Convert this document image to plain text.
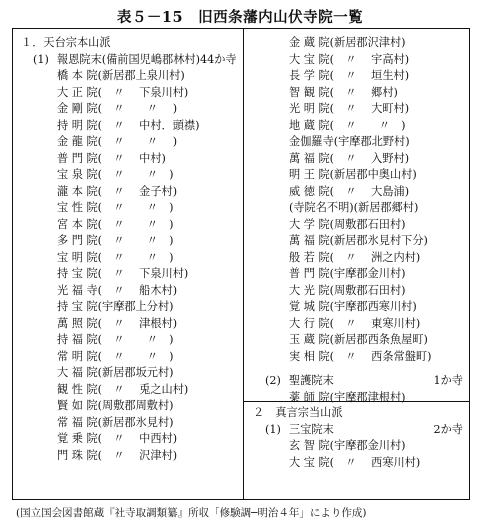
表５－15　旧西条藩内山伏寺院一覧
１．天台宗本山派
(1) 報恩院末(備前国児嶋郡林村)44か寺
橋 本 院(新居郡上泉川村)
大 正 院(　〃　 下泉川村)
金 剛 院(　〃　　〃　 )
持 明 院(　〃　 中村．頭襟)
金 龍 院(　〃　　〃　 )
普 門 院(　〃　 中村)
宝 泉 院(　〃　　〃　)
瀧 本 院(　〃　 金子村)
宝 性 院(　〃　　〃　)
宮 本 院(　〃　　〃　)
多 門 院(　〃　　〃　)
宝 明 院(　〃　　〃　)
持 宝 院(　〃　 下泉川村)
光 福 寺(　〃　 船木村)
持 宝 院(宇摩郡上分村)
萬 照 院(　〃　 津根村)
持 福 院(　〃　　〃　)
常 明 院(　〃　　〃　)
大 福 院(新居郡坂元村)
観 性 院(　〃　 兎之山村)
賢 如 院(周敷郡周敷村)
常 福 院(新居郡氷見村)
覚 乗 院(　〃　 中西村)
門 珠 院(　〃　 沢津村)
金 蔵 院(新居郡沢津村)
大 宝 院(　〃　 宇高村)
長 学 院(　〃　 垣生村)
智 観 院(　〃　 郷村)
光 明 院(　〃　 大町村)
地 蔵 院(　〃　　〃　)
金伽羅寺(宇摩郡北野村)
萬 福 院(　〃　 入野村)
明 王 院(新居郡中奥山村)
威 徳 院(　〃　 大島浦)
(寺院名不明)(新居郡郷村)
大 学 院(周敷郡石田村)
萬 福 院(新居郡氷見村下分)
般 若 院(　〃　 洲之内村)
普 門 院(宇摩郡金川村)
大 光 院(周敷郡石田村)
覚 城 院(宇摩郡西寒川村)
大 行 院(　〃　 東寒川村)
玉 蔵 院(新居郡西条魚屋町)
実 相 院(　〃　 西条常盤町)
(2) 聖護院末	1か寺
薬 師 院(宇摩郡津根村)
２　真言宗当山派
(1) 三宝院末	2か寺
玄 智 院(宇摩郡金川村)
大 宝 院(　〃　 西寒川村)
(国立国会図書館蔵『社寺取調類纂』所収「修験調─明治４年」により作成)
